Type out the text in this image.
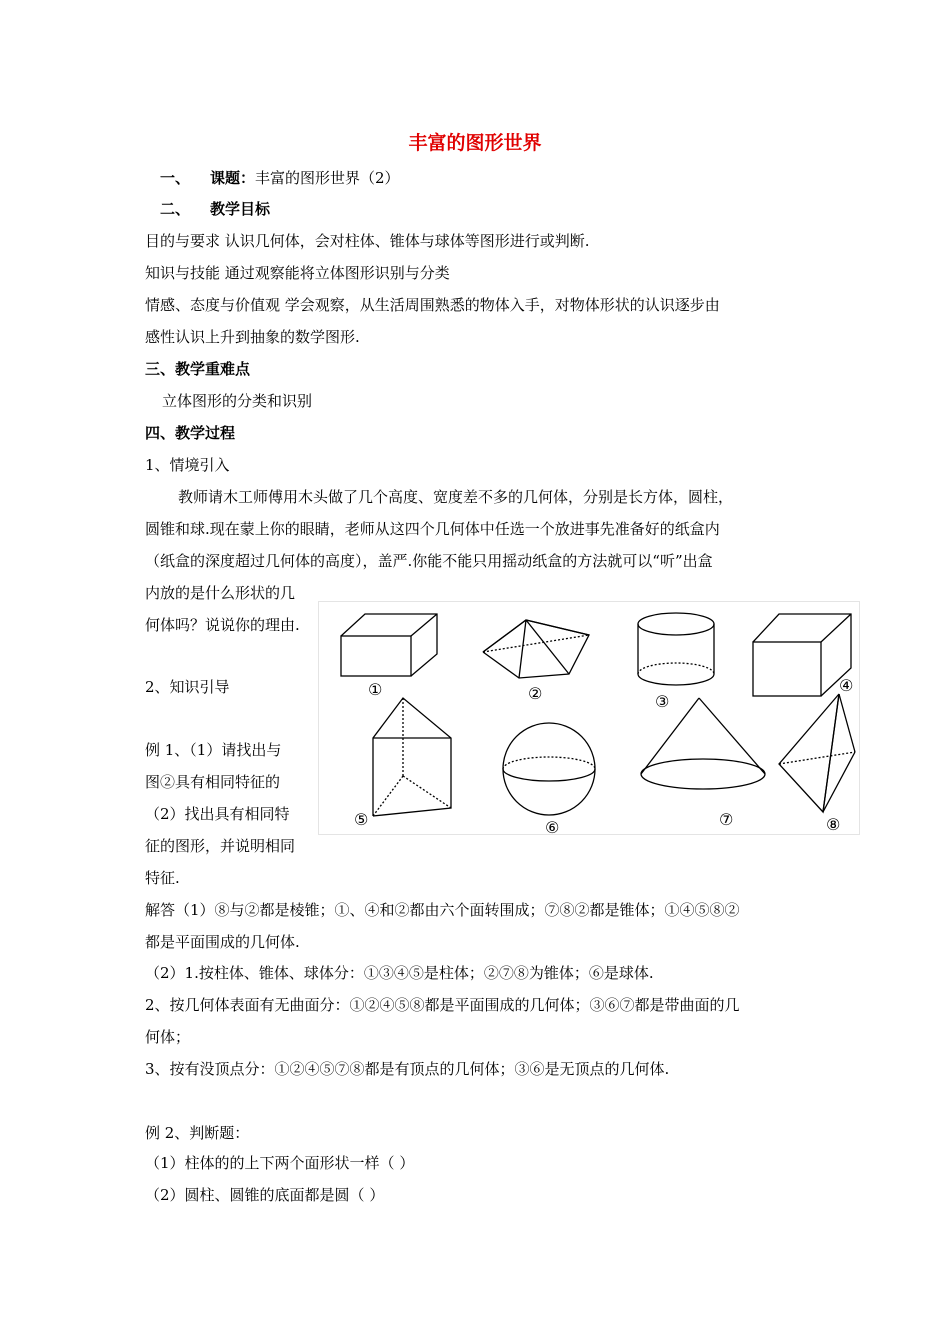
丰富的图形世界
一、 课题：丰富的图形世界（2）
二、 教学目标
目的与要求 认识几何体，会对柱体、锥体与球体等图形进行或判断.
知识与技能 通过观察能将立体图形识别与分类
情感、态度与价值观 学会观察，从生活周围熟悉的物体入手，对物体形状的认识逐步由
感性认识上升到抽象的数学图形.
三、教学重难点
立体图形的分类和识别
四、教学过程
1、情境引入
教师请木工师傅用木头做了几个高度、宽度差不多的几何体，分别是长方体，圆柱，
圆锥和球.现在蒙上你的眼睛，老师从这四个几何体中任选一个放进事先准备好的纸盒内
（纸盒的深度超过几何体的高度），盖严.你能不能只用摇动纸盒的方法就可以“听”出盒
内放的是什么形状的几
何体吗？说说你的理由.
2、知识引导
例 1、（1）请找出与
图②具有相同特征的
（2）找出具有相同特
征的图形，并说明相同
特征.
解答（1）⑧与②都是棱锥；①、④和②都由六个面转围成；⑦⑧②都是锥体；①④⑤⑧②
都是平面围成的几何体.
（2）1.按柱体、锥体、球体分：①③④⑤是柱体；②⑦⑧为锥体；⑥是球体.
2、按几何体表面有无曲面分：①②④⑤⑧都是平面围成的几何体；③⑥⑦都是带曲面的几
何体；
3、按有没顶点分：①②④⑤⑦⑧都是有顶点的几何体；③⑥是无顶点的几何体.
例 2、判断题：
（1）柱体的的上下两个面形状一样（ ）
（2）圆柱、圆锥的底面都是圆（ ）
①	②	③
④
⑤	⑥	⑦	⑧
